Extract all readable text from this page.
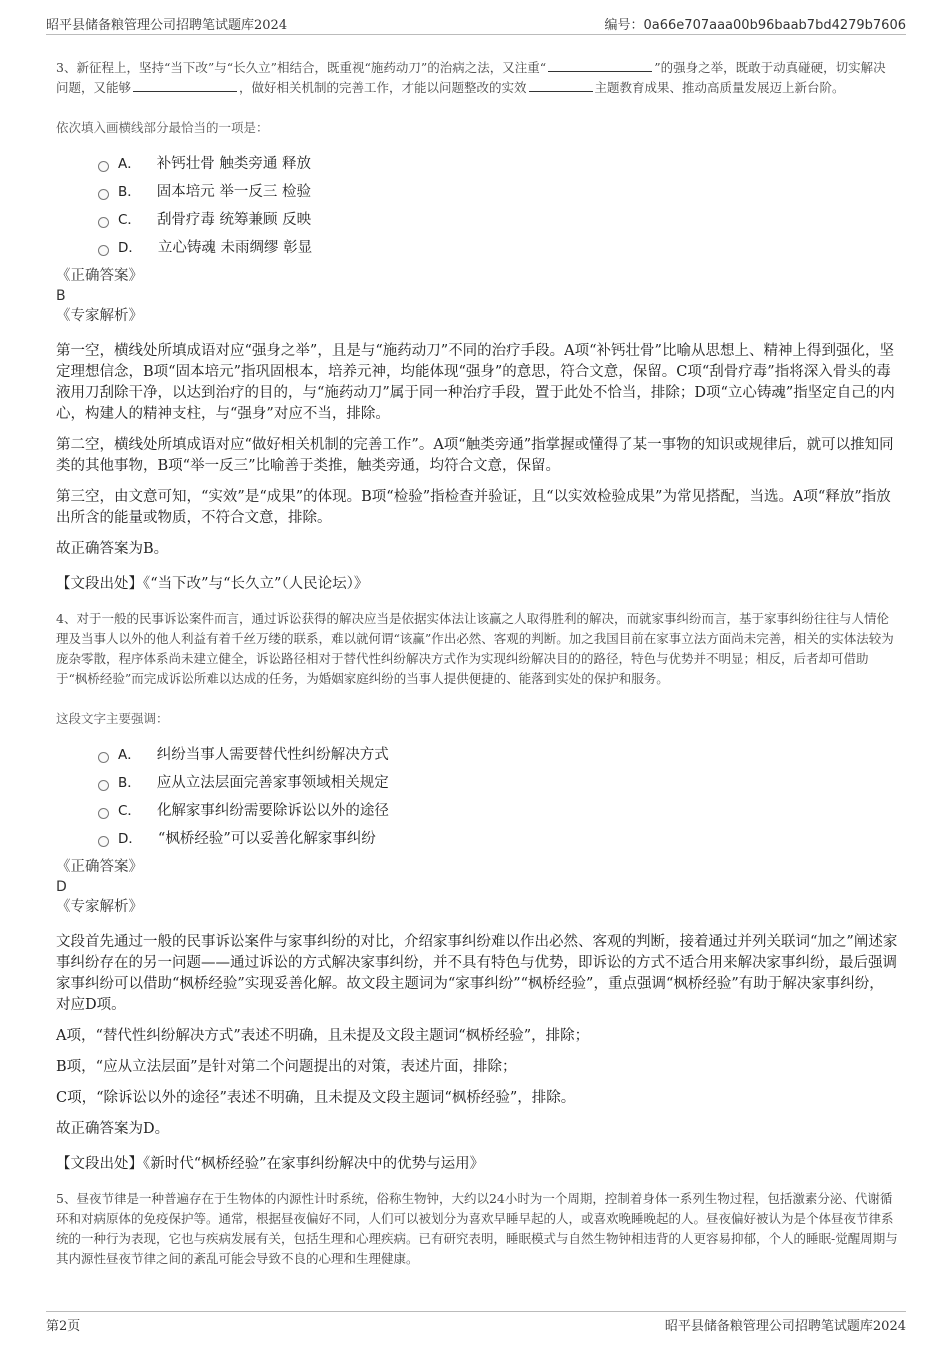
昭平县储备粮管理公司招聘笔试题库2024	编号：0a66e707aaa00b96baab7bd4279b7606

3、新征程上，坚持“当下改”与“长久立”相结合，既重视“施药动刀”的治病之法，又注重“	”的强身之举，既敢于动真碰硬，切实解决问题，又能够	，做好相关机制的完善工作，才能以问题整改的实效	主题教育成果、推动高质量发展迈上新台阶。

依次填入画横线部分最恰当的一项是：

A． 补钙壮骨 触类旁通 释放
B． 固本培元 举一反三 检验
C． 刮骨疗毒 统筹兼顾 反映
D． 立心铸魂 未雨绸缪 彰显

《正确答案》

B

《专家解析》

第一空，横线处所填成语对应“强身之举”，且是与“施药动刀”不同的治疗手段。A项“补钙壮骨”比喻从思想上、精神上得到强化，坚定理想信念，B项“固本培元”指巩固根本，培养元神，均能体现“强身”的意思，符合文意，保留。C项“刮骨疗毒”指将深入骨头的毒液用刀刮除干净，以达到治疗的目的，与“施药动刀”属于同一种治疗手段，置于此处不恰当，排除；D项“立心铸魂”指坚定自己的内心，构建人的精神支柱，与“强身”对应不当，排除。

第二空，横线处所填成语对应“做好相关机制的完善工作”。A项“触类旁通”指掌握或懂得了某一事物的知识或规律后，就可以推知同类的其他事物，B项“举一反三”比喻善于类推，触类旁通，均符合文意，保留。

第三空，由文意可知，“实效”是“成果”的体现。B项“检验”指检查并验证，且“以实效检验成果”为常见搭配，当选。A项“释放”指放出所含的能量或物质，不符合文意，排除。

故正确答案为B。

【文段出处】《“当下改”与“长久立”（人民论坛）》

4、对于一般的民事诉讼案件而言，通过诉讼获得的解决应当是依据实体法让该赢之人取得胜利的解决，而就家事纠纷而言，基于家事纠纷往往与人情伦理及当事人以外的他人利益有着千丝万缕的联系，难以就何谓“该赢”作出必然、客观的判断。加之我国目前在家事立法方面尚未完善，相关的实体法较为庞杂零散，程序体系尚未建立健全，诉讼路径相对于替代性纠纷解决方式作为实现纠纷解决目的的路径，特色与优势并不明显；相反，后者却可借助于“枫桥经验”而完成诉讼所难以达成的任务，为婚姻家庭纠纷的当事人提供便捷的、能落到实处的保护和服务。

这段文字主要强调：

A． 纠纷当事人需要替代性纠纷解决方式
B． 应从立法层面完善家事领域相关规定
C． 化解家事纠纷需要除诉讼以外的途径
D． “枫桥经验”可以妥善化解家事纠纷

《正确答案》

D

《专家解析》

文段首先通过一般的民事诉讼案件与家事纠纷的对比，介绍家事纠纷难以作出必然、客观的判断，接着通过并列关联词“加之”阐述家事纠纷存在的另一问题——通过诉讼的方式解决家事纠纷，并不具有特色与优势，即诉讼的方式不适合用来解决家事纠纷，最后强调家事纠纷可以借助“枫桥经验”实现妥善化解。故文段主题词为“家事纠纷”“枫桥经验”，重点强调“枫桥经验”有助于解决家事纠纷，对应D项。

A项，“替代性纠纷解决方式”表述不明确，且未提及文段主题词“枫桥经验”，排除；

B项，“应从立法层面”是针对第二个问题提出的对策，表述片面，排除；

C项，“除诉讼以外的途径”表述不明确，且未提及文段主题词“枫桥经验”，排除。

故正确答案为D。

【文段出处】《新时代“枫桥经验”在家事纠纷解决中的优势与运用》

5、昼夜节律是一种普遍存在于生物体的内源性计时系统，俗称生物钟，大约以24小时为一个周期，控制着身体一系列生物过程，包括激素分泌、代谢循环和对病原体的免疫保护等。通常，根据昼夜偏好不同，人们可以被划分为喜欢早睡早起的人，或喜欢晚睡晚起的人。昼夜偏好被认为是个体昼夜节律系统的一种行为表现，它也与疾病发展有关，包括生理和心理疾病。已有研究表明，睡眠模式与自然生物钟相违背的人更容易抑郁，个人的睡眠-觉醒周期与其内源性昼夜节律之间的紊乱可能会导致不良的心理和生理健康。

第2页	昭平县储备粮管理公司招聘笔试题库2024
